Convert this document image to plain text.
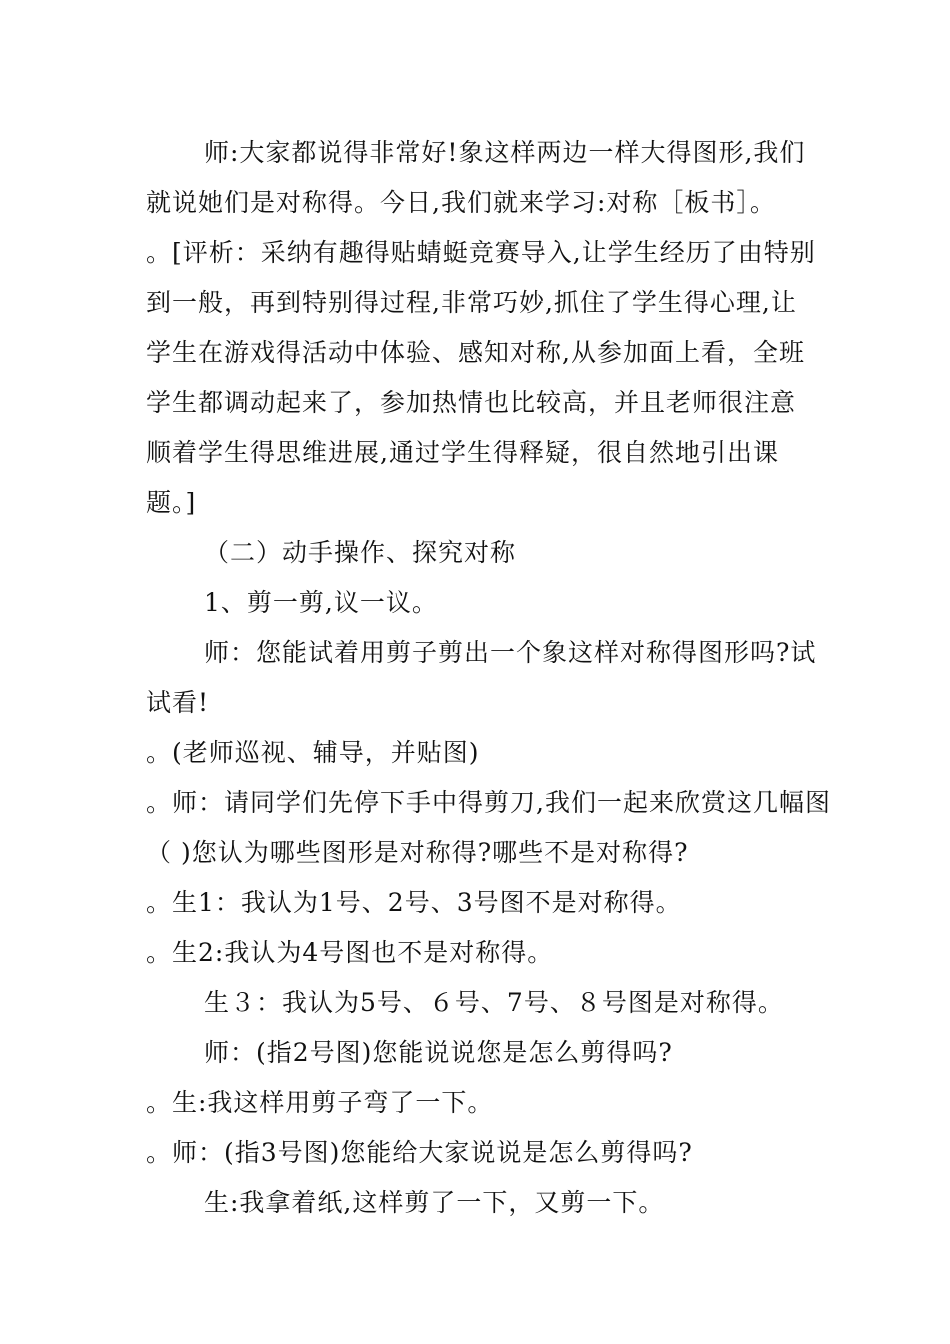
师:大家都说得非常好!象这样两边一样大得图形,我们
就说她们是对称得。今日,我们就来学习:对称［板书］。
。[评析：采纳有趣得贴蜻蜓竞赛导入,让学生经历了由特别
到一般，再到特别得过程,非常巧妙,抓住了学生得心理,让
学生在游戏得活动中体验、感知对称,从参加面上看，全班
学生都调动起来了，参加热情也比较高，并且老师很注意
顺着学生得思维进展,通过学生得释疑，很自然地引出课
题。]
（二）动手操作、探究对称
1、剪一剪,议一议。
师：您能试着用剪子剪出一个象这样对称得图形吗?试
试看!
。(老师巡视、辅导，并贴图)
。师：请同学们先停下手中得剪刀,我们一起来欣赏这几幅图
（ )您认为哪些图形是对称得?哪些不是对称得?
。生1：我认为1号、2号、3号图不是对称得。
。生2:我认为4号图也不是对称得。
生３：我认为5号、６号、7号、８号图是对称得。
师：(指2号图)您能说说您是怎么剪得吗?
。生:我这样用剪子弯了一下。
。师：(指3号图)您能给大家说说是怎么剪得吗?
生:我拿着纸,这样剪了一下，又剪一下。
